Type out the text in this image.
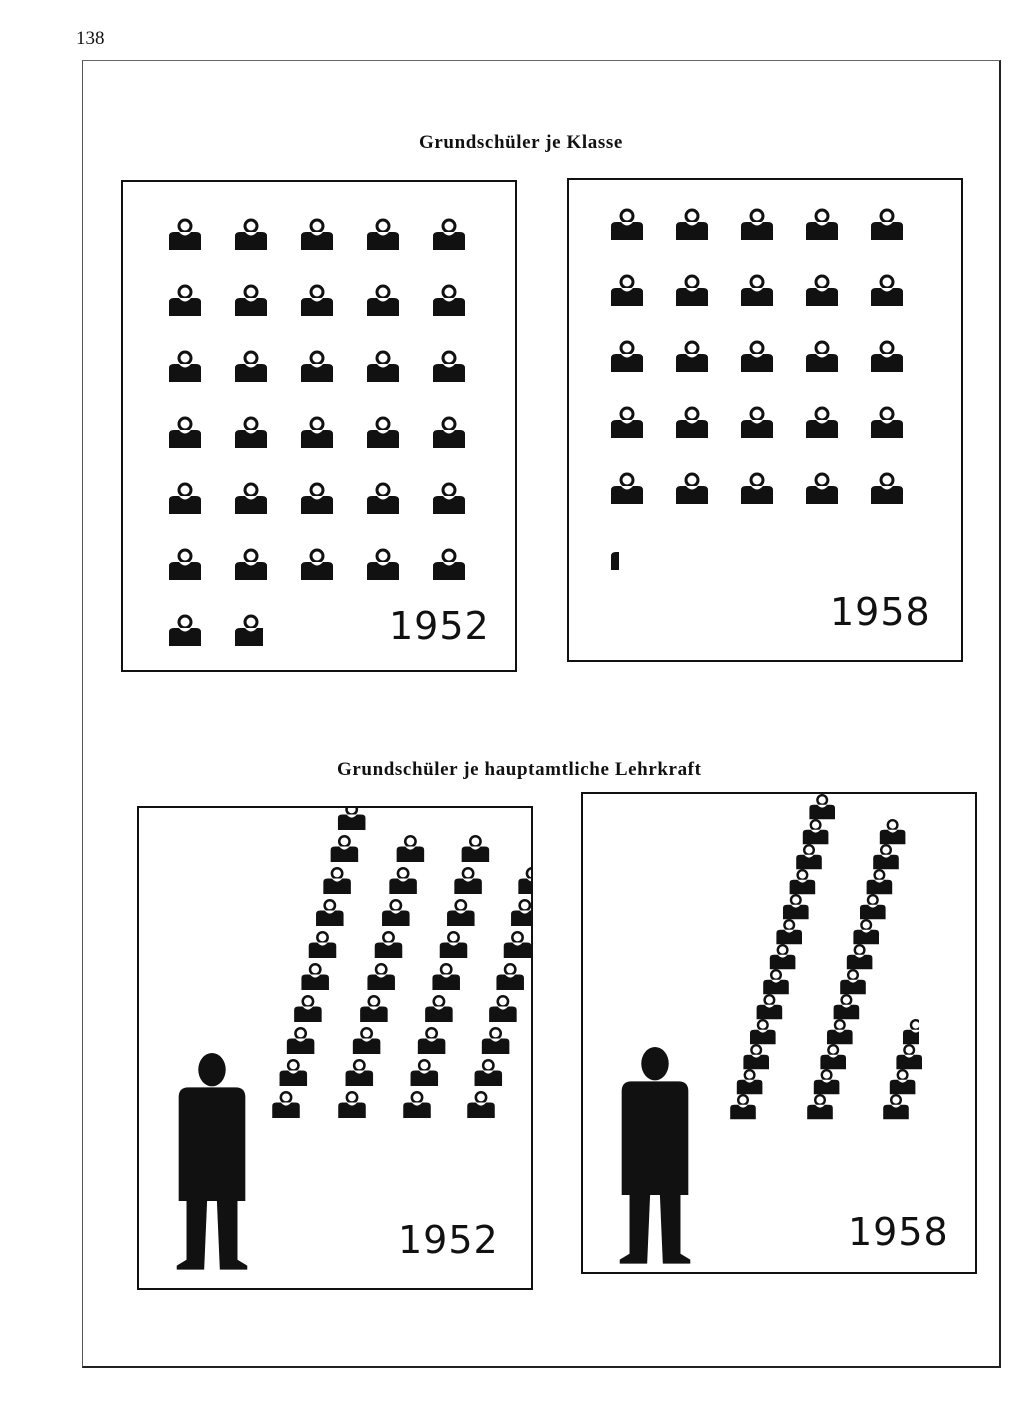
138
Grundschüler je Klasse
1952	1958
Grundschüler je hauptamtliche Lehrkraft
1952	1958
